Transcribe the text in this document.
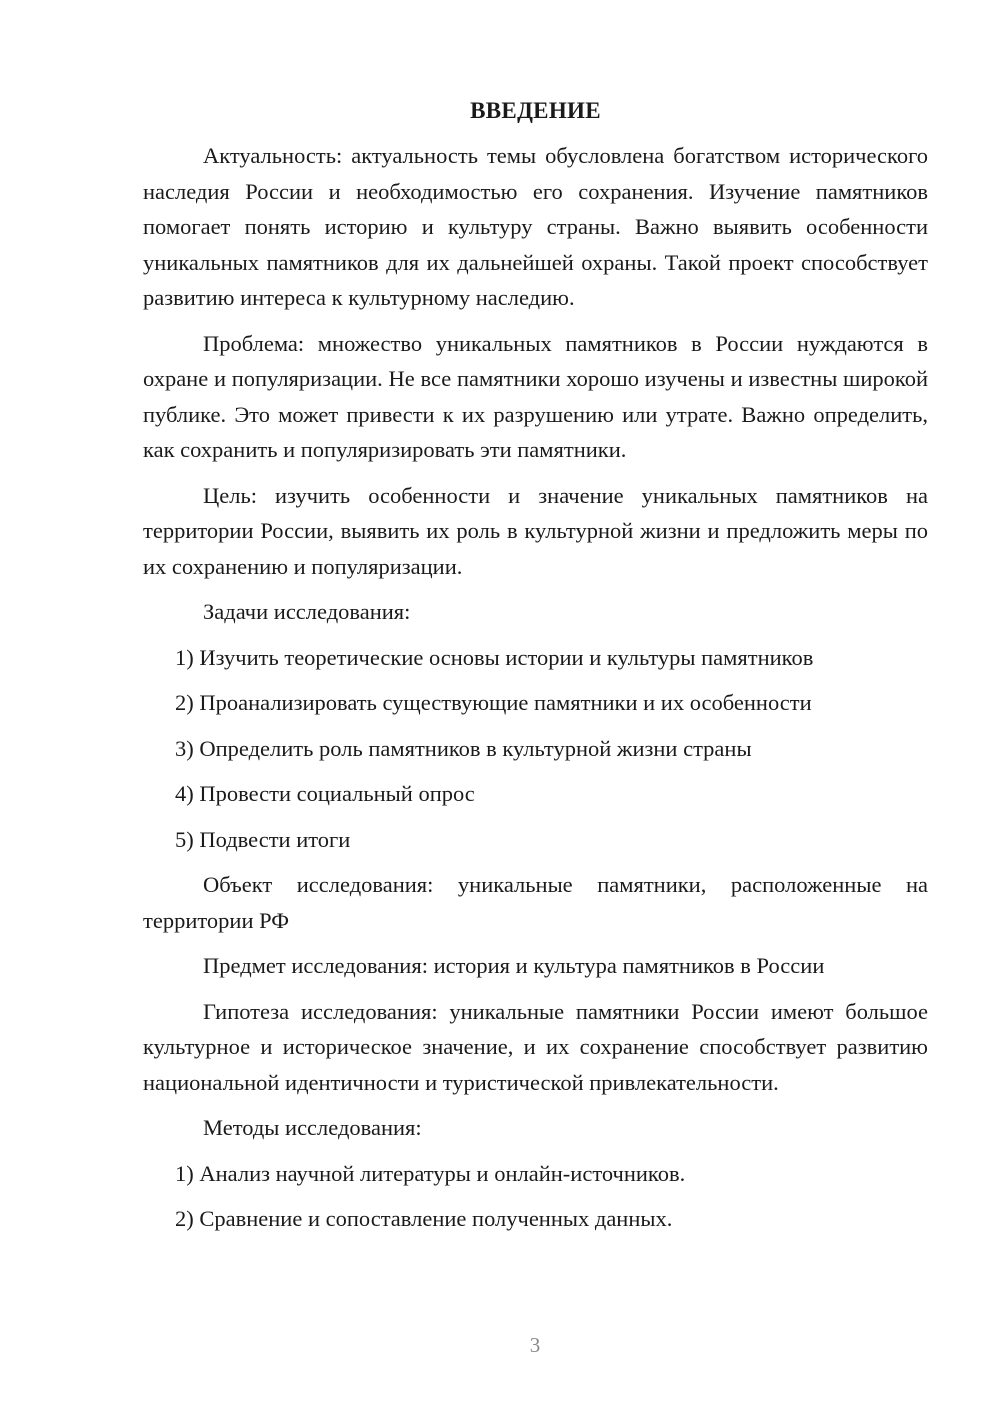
ВВЕДЕНИЕ

Актуальность: актуальность темы обусловлена богатством исторического наследия России и необходимостью его сохранения. Изучение памятников помогает понять историю и культуру страны. Важно выявить особенности уникальных памятников для их дальнейшей охраны. Такой проект способствует развитию интереса к культурному наследию.

Проблема: множество уникальных памятников в России нуждаются в охране и популяризации. Не все памятники хорошо изучены и известны широкой публике. Это может привести к их разрушению или утрате. Важно определить, как сохранить и популяризировать эти памятники.

Цель: изучить особенности и значение уникальных памятников на территории России, выявить их роль в культурной жизни и предложить меры по их сохранению и популяризации.

Задачи исследования:

1) Изучить теоретические основы истории и культуры памятников

2) Проанализировать существующие памятники и их особенности

3) Определить роль памятников в культурной жизни страны

4) Провести социальный опрос

5) Подвести итоги

Объект исследования: уникальные памятники, расположенные на территории РФ

Предмет исследования: история и культура памятников в России

Гипотеза исследования: уникальные памятники России имеют большое культурное и историческое значение, и их сохранение способствует развитию национальной идентичности и туристической привлекательности.

Методы исследования:

1) Анализ научной литературы и онлайн-источников.

2) Сравнение и сопоставление полученных данных.

3
